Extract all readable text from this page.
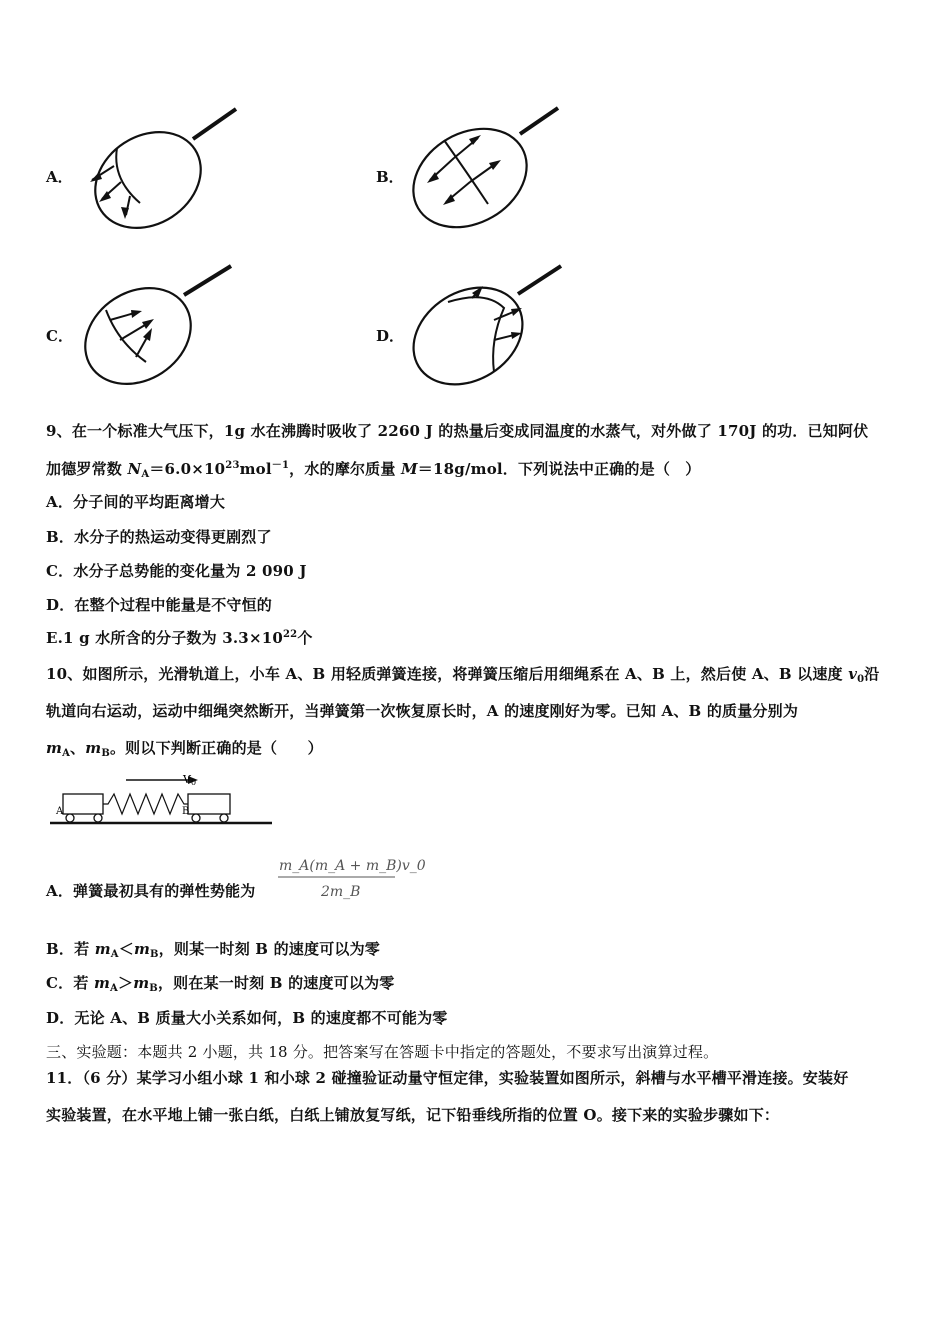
A．	B．
C．	D．
9、在一个标准大气压下，1g 水在沸腾时吸收了 2260 J 的热量后变成同温度的水蒸气，对外做了 170J 的功．已知阿伏
加德罗常数 $N_A=6.0\times 10^{23}mol^{-1}$，水的摩尔质量 M＝18g/mol．下列说法中正确的是（　）
A．分子间的平均距离增大
B．水分子的热运动变得更剧烈了
C．水分子总势能的变化量为 2 090 J
D．在整个过程中能量是不守恒的
E.1 g 水所含的分子数为 $3.3\times 10^{22}$个
10、如图所示，光滑轨道上，小车 A、B 用轻质弹簧连接，将弹簧压缩后用细绳系在 A、B 上，然后使 A、B 以速度 $v_0$沿
轨道向右运动，运动中细绳突然断开，当弹簧第一次恢复原长时，A 的速度刚好为零。已知 A、B 的质量分别为
$m_A$、$m_B$。则以下判断正确的是（　　）
V0
A	B
A．弹簧最初具有的弹性势能为
m_A(m_A + m_B)v_0
2m_B
B．若 $m_A<m_B$，则某一时刻 B 的速度可以为零
C．若 $m_A>m_B$，则在某一时刻 B 的速度可以为零
D．无论 A、B 质量大小关系如何，B 的速度都不可能为零
三、实验题：本题共 2 小题，共 18 分。把答案写在答题卡中指定的答题处，不要求写出演算过程。
11．（6 分）某学习小组小球 1 和小球 2 碰撞验证动量守恒定律，实验装置如图所示，斜槽与水平槽平滑连接。安装好
实验装置，在水平地上铺一张白纸，白纸上铺放复写纸，记下铅垂线所指的位置 O。接下来的实验步骤如下：
